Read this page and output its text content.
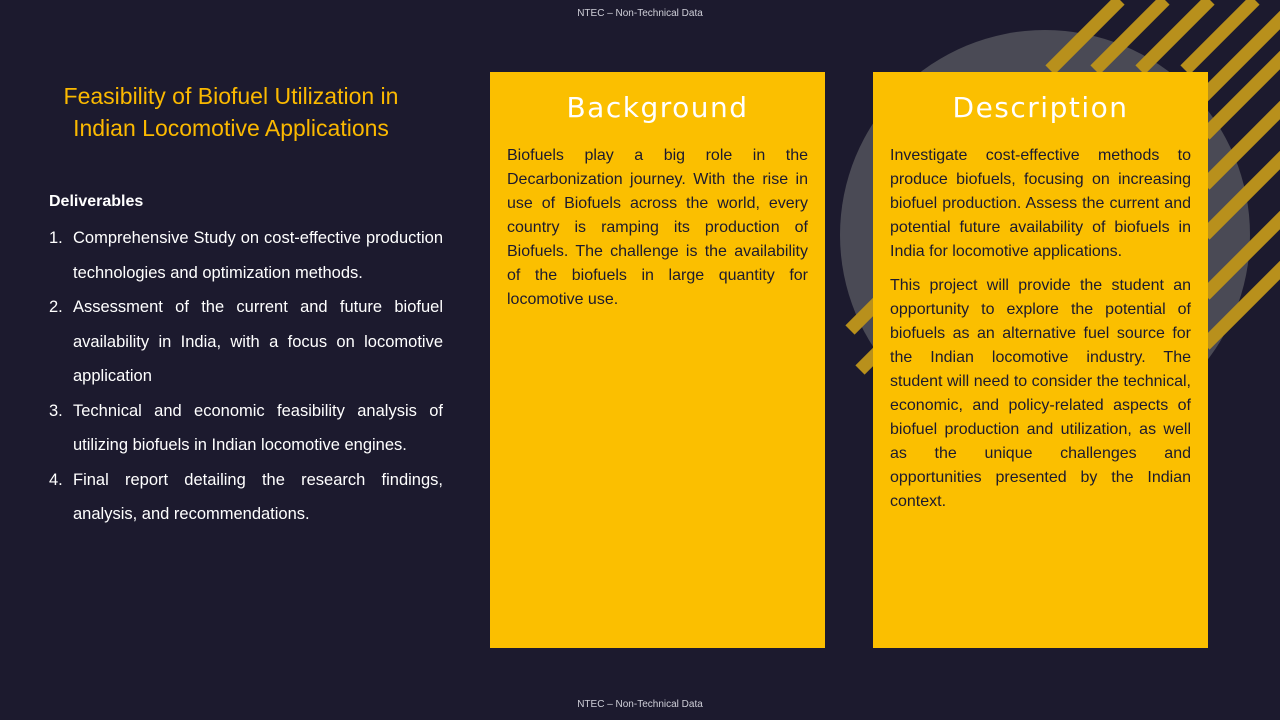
NTEC – Non-Technical Data
Feasibility of Biofuel Utilization in Indian Locomotive Applications
Deliverables
1. Comprehensive Study on cost-effective production technologies and optimization methods.
2. Assessment of the current and future biofuel availability in India, with a focus on locomotive application
3. Technical and economic feasibility analysis of utilizing biofuels in Indian locomotive engines.
4. Final report detailing the research findings, analysis, and recommendations.
Background

Biofuels play a big role in the Decarbonization journey. With the rise in use of Biofuels across the world, every country is ramping its production of Biofuels. The challenge is the availability of the biofuels in large quantity for locomotive use.

Description

Investigate cost-effective methods to produce biofuels, focusing on increasing biofuel production. Assess the current and potential future availability of biofuels in India for locomotive applications.

This project will provide the student an opportunity to explore the potential of biofuels as an alternative fuel source for the Indian locomotive industry. The student will need to consider the technical, economic, and policy-related aspects of biofuel production and utilization, as well as the unique challenges and opportunities presented by the Indian context.

NTEC – Non-Technical Data
